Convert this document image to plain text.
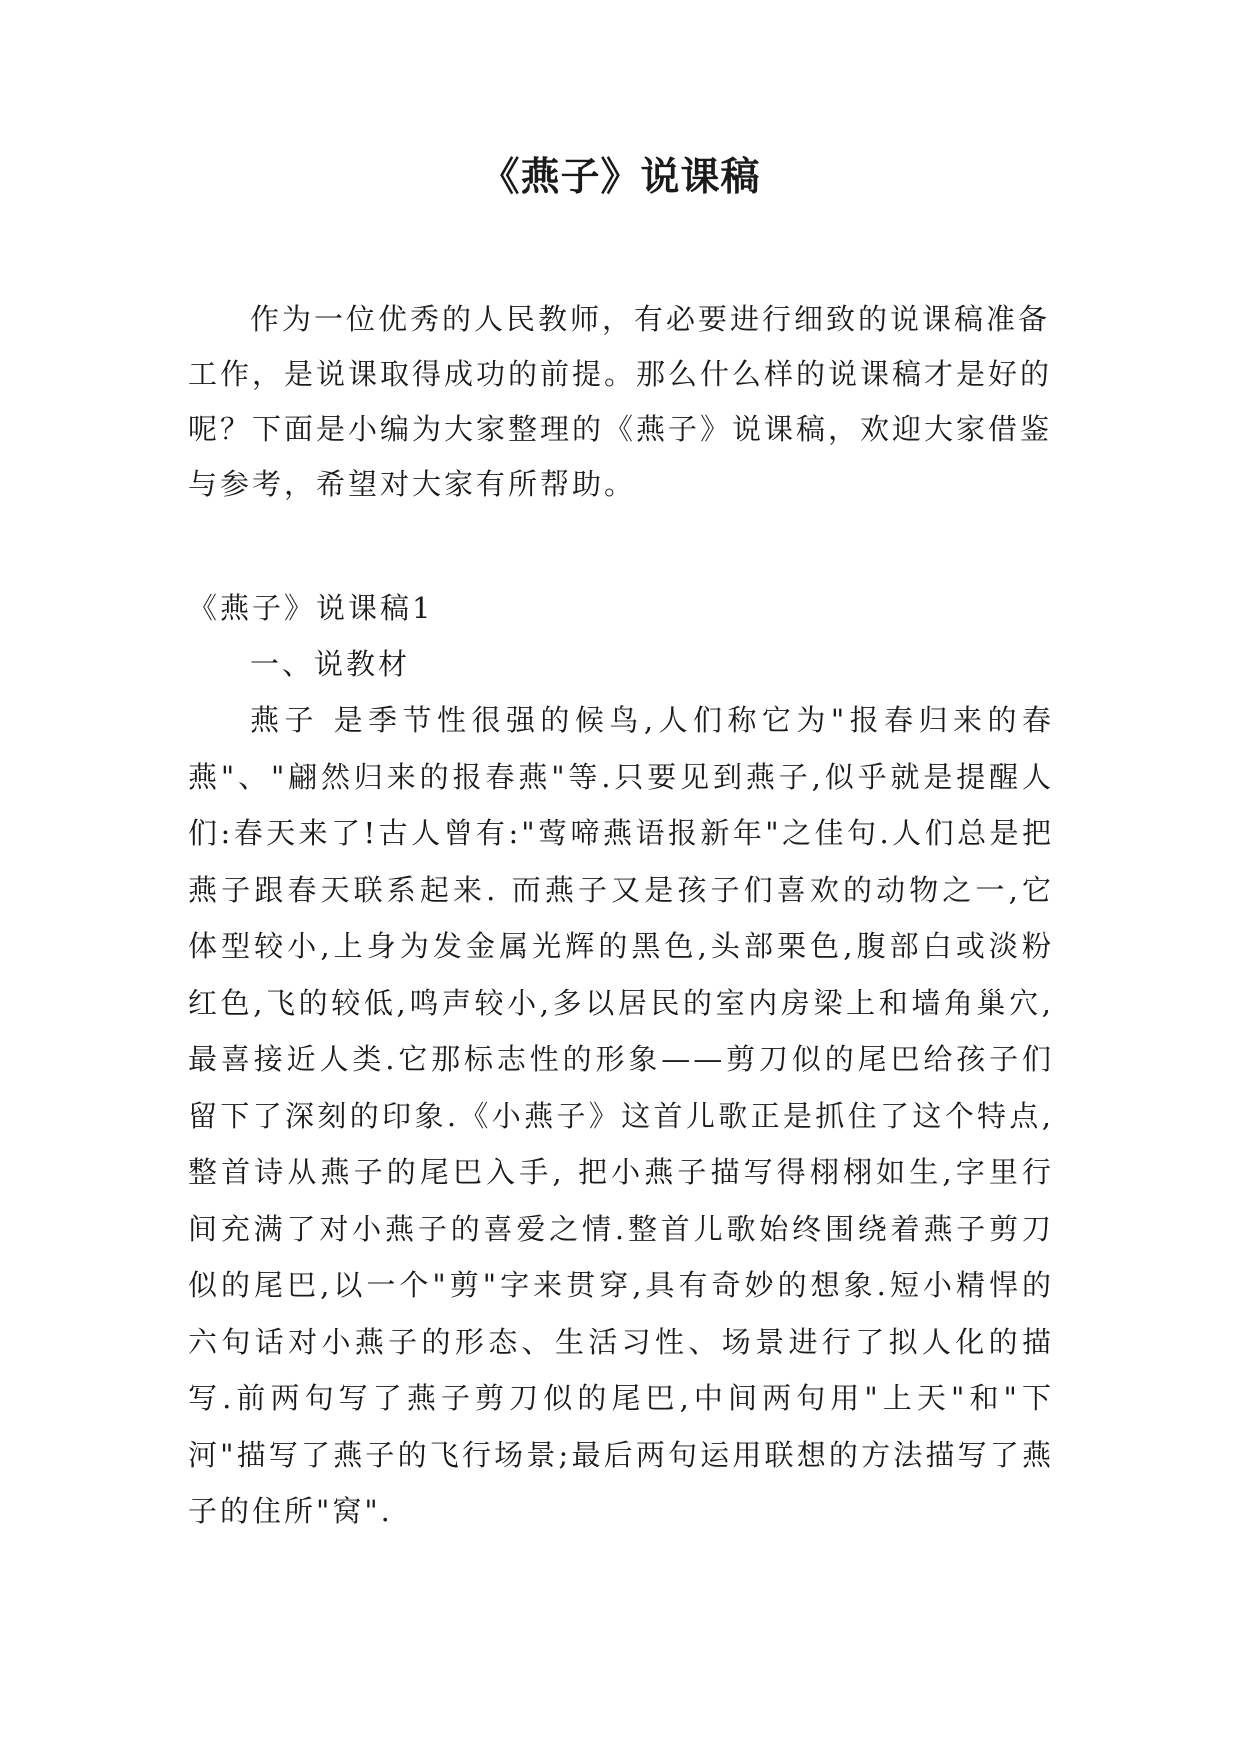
《燕子》说课稿

作为一位优秀的人民教师，有必要进行细致的说课稿准备工作，是说课取得成功的前提。那么什么样的说课稿才是好的呢？下面是小编为大家整理的《燕子》说课稿，欢迎大家借鉴与参考，希望对大家有所帮助。

《燕子》说课稿1

一、说教材

燕子 是季节性很强的候鸟,人们称它为"报春归来的春燕"、"翩然归来的报春燕"等.只要见到燕子,似乎就是提醒人们:春天来了!古人曾有:"莺啼燕语报新年"之佳句.人们总是把燕子跟春天联系起来. 而燕子又是孩子们喜欢的动物之一,它体型较小,上身为发金属光辉的黑色,头部栗色,腹部白或淡粉红色,飞的较低,鸣声较小,多以居民的室内房梁上和墙角巢穴,最喜接近人类.它那标志性的形象——剪刀似的尾巴给孩子们留下了深刻的印象.《小燕子》这首儿歌正是抓住了这个特点,整首诗从燕子的尾巴入手, 把小燕子描写得栩栩如生,字里行间充满了对小燕子的喜爱之情.整首儿歌始终围绕着燕子剪刀似的尾巴,以一个"剪"字来贯穿,具有奇妙的想象.短小精悍的六句话对小燕子的形态、生活习性、场景进行了拟人化的描写.前两句写了燕子剪刀似的尾巴,中间两句用"上天"和"下河"描写了燕子的飞行场景;最后两句运用联想的方法描写了燕子的住所"窝".
